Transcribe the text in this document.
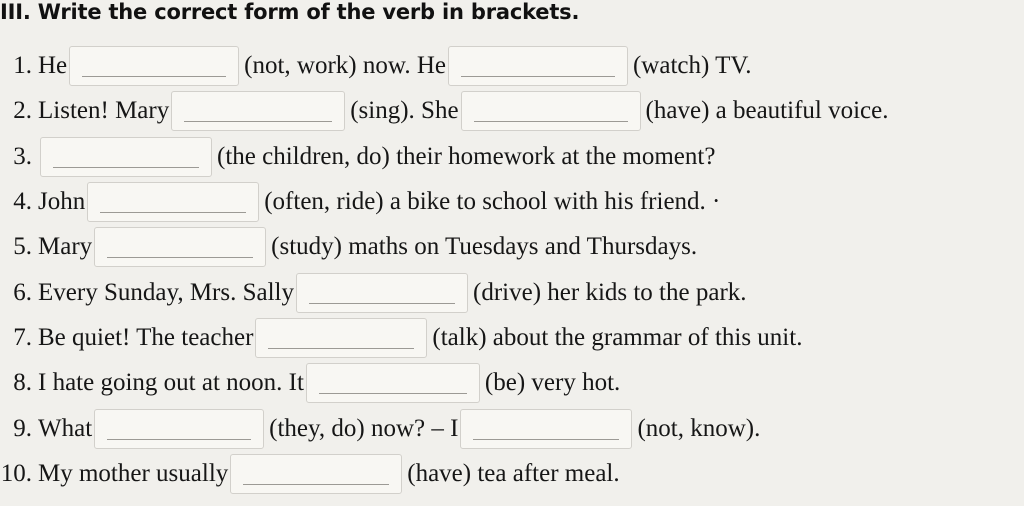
III. Write the correct form of the verb in brackets.
1. He	(not, work) now. He	(watch) TV.
2. Listen! Mary	(sing). She	(have) a beautiful voice.
3.	(the children, do) their homework at the moment?
4. John	(often, ride) a bike to school with his friend. ·
5. Mary	(study) maths on Tuesdays and Thursdays.
6. Every Sunday, Mrs. Sally	(drive) her kids to the park.
7. Be quiet! The teacher	(talk) about the grammar of this unit.
8. I hate going out at noon. It	(be) very hot.
9. What	(they, do) now? – I	(not, know).
10. My mother usually	(have) tea after meal.
